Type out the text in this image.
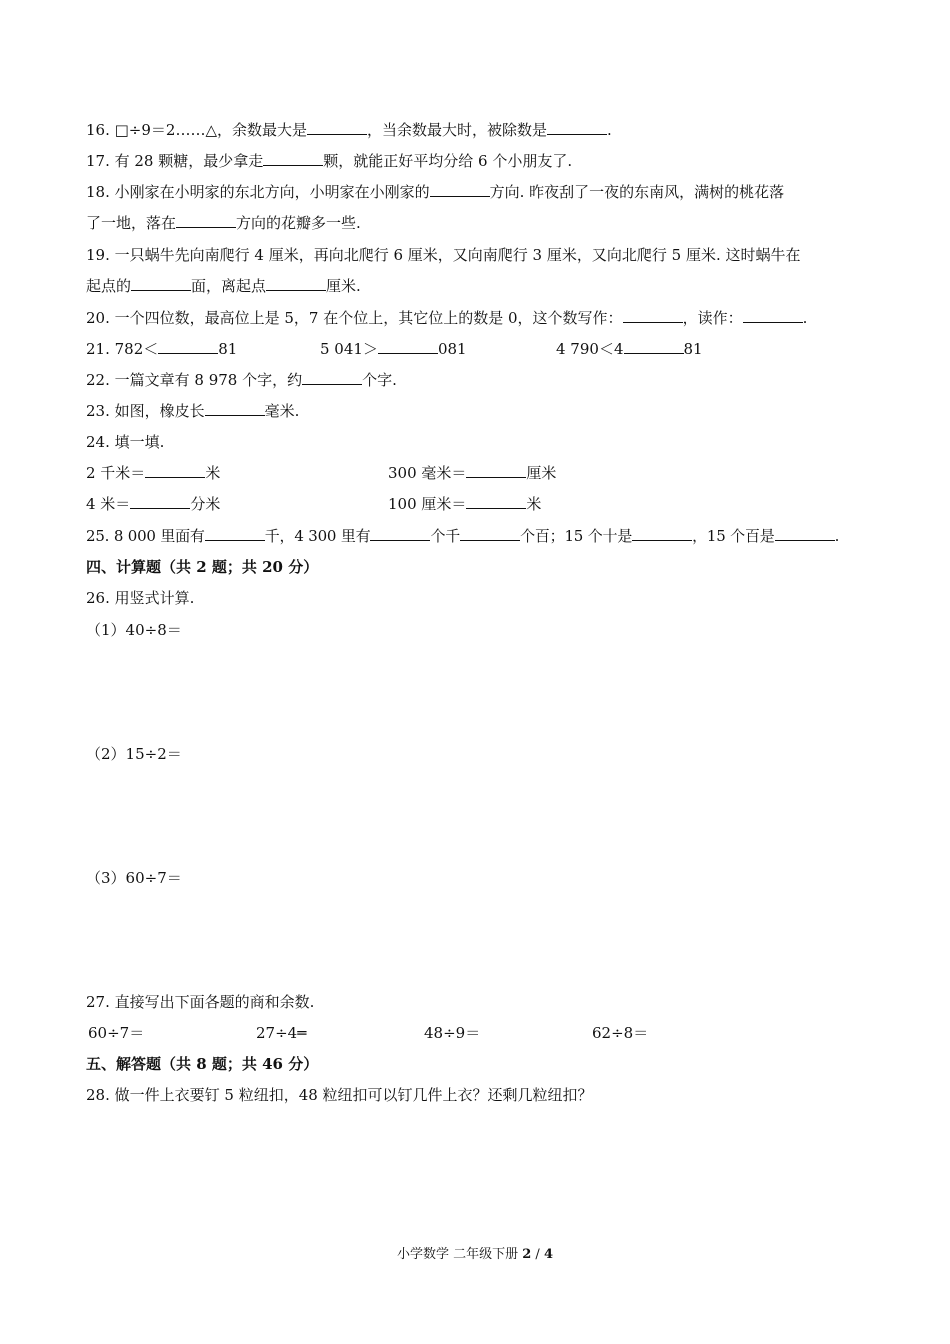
16. □÷9＝2……△，余数最大是	，当余数最大时，被除数是	.
17. 有 28 颗糖，最少拿走	颗，就能正好平均分给 6 个小朋友了.
18. 小刚家在小明家的东北方向，小明家在小刚家的	方向. 昨夜刮了一夜的东南风，满树的桃花落
了一地，落在	方向的花瓣多一些.
19. 一只蜗牛先向南爬行 4 厘米，再向北爬行 6 厘米，又向南爬行 3 厘米，又向北爬行 5 厘米. 这时蜗牛在
起点的	面，离起点	厘米.
20. 一个四位数，最高位上是 5，7 在个位上，其它位上的数是 0，这个数写作：	，读作：	.
21. 782＜	81	5 041＞	081	4 790＜4	81
22. 一篇文章有 8 978 个字，约	个字.
23. 如图，橡皮长	毫米.
24. 填一填.
2 千米＝	米	300 毫米＝	厘米
4 米＝	分米	100 厘米＝	米
25. 8 000 里面有	千，4 300 里有	个千	个百；15 个十是	，15 个百是	.
四、计算题（共 2 题；共 20 分）
26. 用竖式计算.
（1）40÷8＝
（2）15÷2＝
（3）60÷7＝
27. 直接写出下面各题的商和余数.
60÷7＝	27÷4═	48÷9＝	62÷8＝
五、解答题（共 8 题；共 46 分）
28. 做一件上衣要钉 5 粒纽扣，48 粒纽扣可以钉几件上衣？还剩几粒纽扣？
小学数学 二年级下册 2 / 4
